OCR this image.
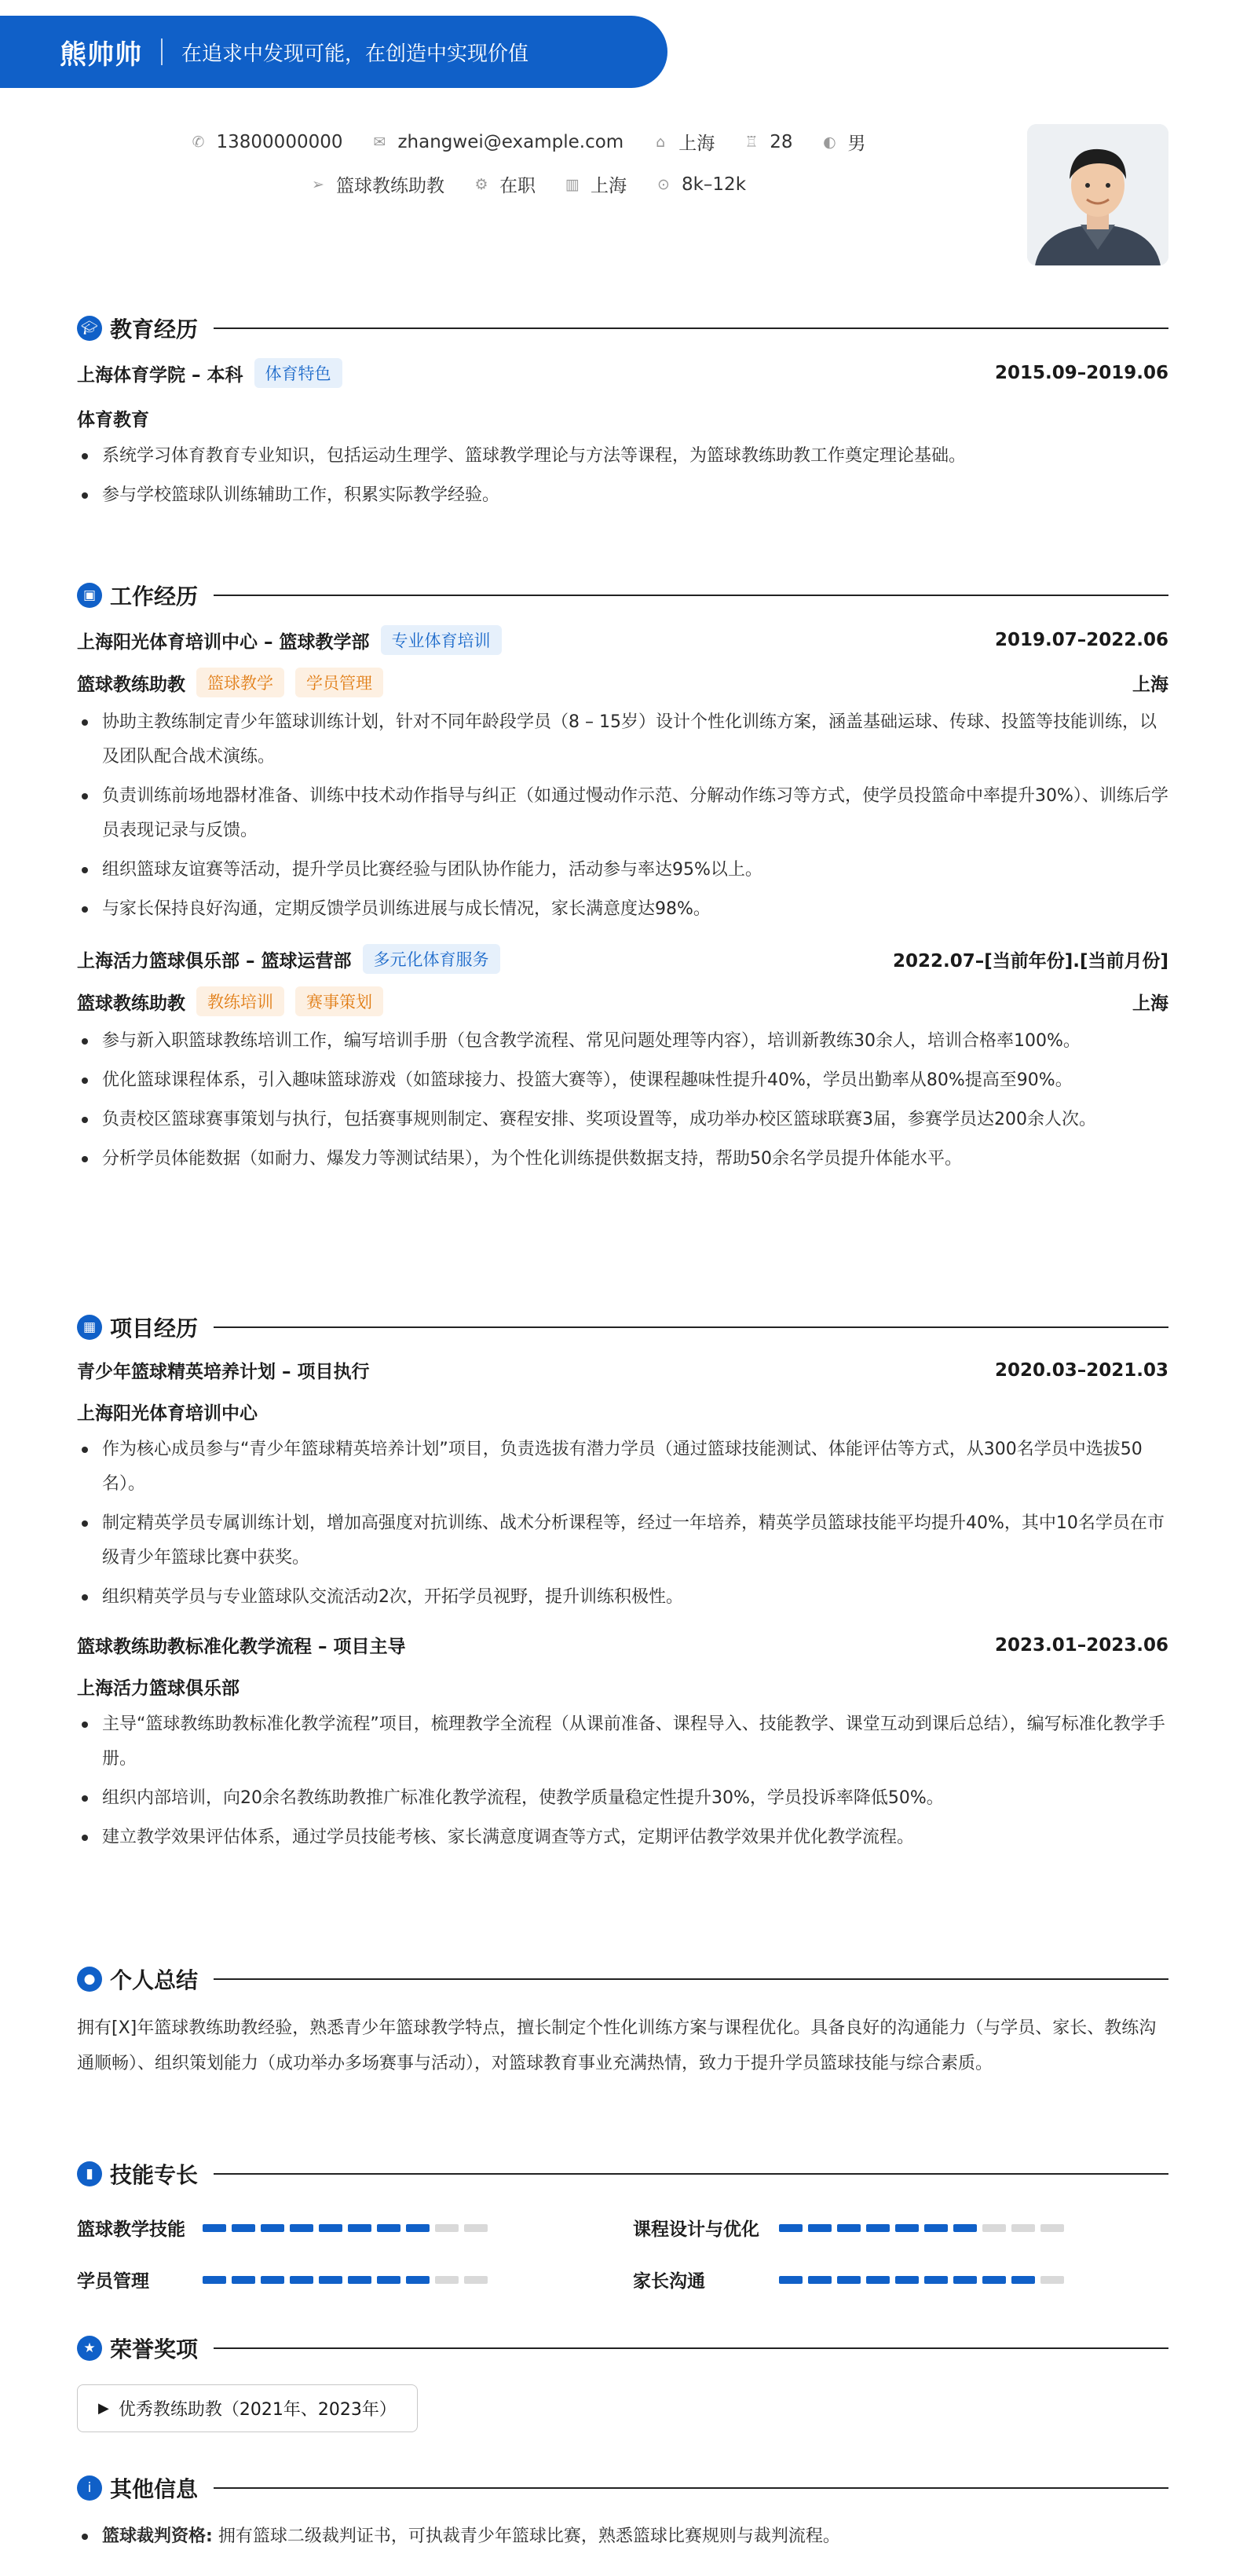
熊帅帅 在追求中发现可能，在创造中实现价值
✆ 13800000000 ✉ zhangwei@example.com ⌂ 上海 ♖ 28 ◐ 男
➢ 篮球教练助教 ⚙ 在职 ▥ 上海 ⊙ 8k–12k
🎓︎ 教育经历
上海体育学院 – 本科	体育特色	2015.09–2019.06
体育教育
系统学习体育教育专业知识，包括运动生理学、篮球教学理论与方法等课程，为篮球教练助教工作奠定理论基础。
参与学校篮球队训练辅助工作，积累实际教学经验。
▣ 工作经历
上海阳光体育培训中心 – 篮球教学部	专业体育培训	2019.07–2022.06
篮球教练助教	篮球教学	学员管理	上海
协助主教练制定青少年篮球训练计划，针对不同年龄段学员（8 – 15岁）设计个性化训练方案，涵盖基础运球、传球、投篮等技能训练，以及团队配合战术演练。
负责训练前场地器材准备、训练中技术动作指导与纠正（如通过慢动作示范、分解动作练习等方式，使学员投篮命中率提升30%）、训练后学员表现记录与反馈。
组织篮球友谊赛等活动，提升学员比赛经验与团队协作能力，活动参与率达95%以上。
与家长保持良好沟通，定期反馈学员训练进展与成长情况，家长满意度达98%。
上海活力篮球俱乐部 – 篮球运营部	多元化体育服务	2022.07–[当前年份].[当前月份]
篮球教练助教	教练培训	赛事策划	上海
参与新入职篮球教练培训工作，编写培训手册（包含教学流程、常见问题处理等内容），培训新教练30余人，培训合格率100%。
优化篮球课程体系，引入趣味篮球游戏（如篮球接力、投篮大赛等），使课程趣味性提升40%，学员出勤率从80%提高至90%。
负责校区篮球赛事策划与执行，包括赛事规则制定、赛程安排、奖项设置等，成功举办校区篮球联赛3届，参赛学员达200余人次。
分析学员体能数据（如耐力、爆发力等测试结果），为个性化训练提供数据支持，帮助50余名学员提升体能水平。
▦ 项目经历
青少年篮球精英培养计划 – 项目执行	2020.03–2021.03
上海阳光体育培训中心
作为核心成员参与“青少年篮球精英培养计划”项目，负责选拔有潜力学员（通过篮球技能测试、体能评估等方式，从300名学员中选拔50名）。
制定精英学员专属训练计划，增加高强度对抗训练、战术分析课程等，经过一年培养，精英学员篮球技能平均提升40%，其中10名学员在市级青少年篮球比赛中获奖。
组织精英学员与专业篮球队交流活动2次，开拓学员视野，提升训练积极性。
篮球教练助教标准化教学流程 – 项目主导	2023.01–2023.06
上海活力篮球俱乐部
主导“篮球教练助教标准化教学流程”项目，梳理教学全流程（从课前准备、课程导入、技能教学、课堂互动到课后总结），编写标准化教学手册。
组织内部培训，向20余名教练助教推广标准化教学流程，使教学质量稳定性提升30%，学员投诉率降低50%。
建立教学效果评估体系，通过学员技能考核、家长满意度调查等方式，定期评估教学效果并优化教学流程。
● 个人总结
拥有[X]年篮球教练助教经验，熟悉青少年篮球教学特点，擅长制定个性化训练方案与课程优化。具备良好的沟通能力（与学员、家长、教练沟通顺畅）、组织策划能力（成功举办多场赛事与活动），对篮球教育事业充满热情，致力于提升学员篮球技能与综合素质。
▮ 技能专长
篮球教学技能	课程设计与优化
学员管理	家长沟通
★ 荣誉奖项
▶ 优秀教练助教（2021年、2023年）
i 其他信息
篮球裁判资格: 拥有篮球二级裁判证书，可执裁青少年篮球比赛，熟悉篮球比赛规则与裁判流程。
